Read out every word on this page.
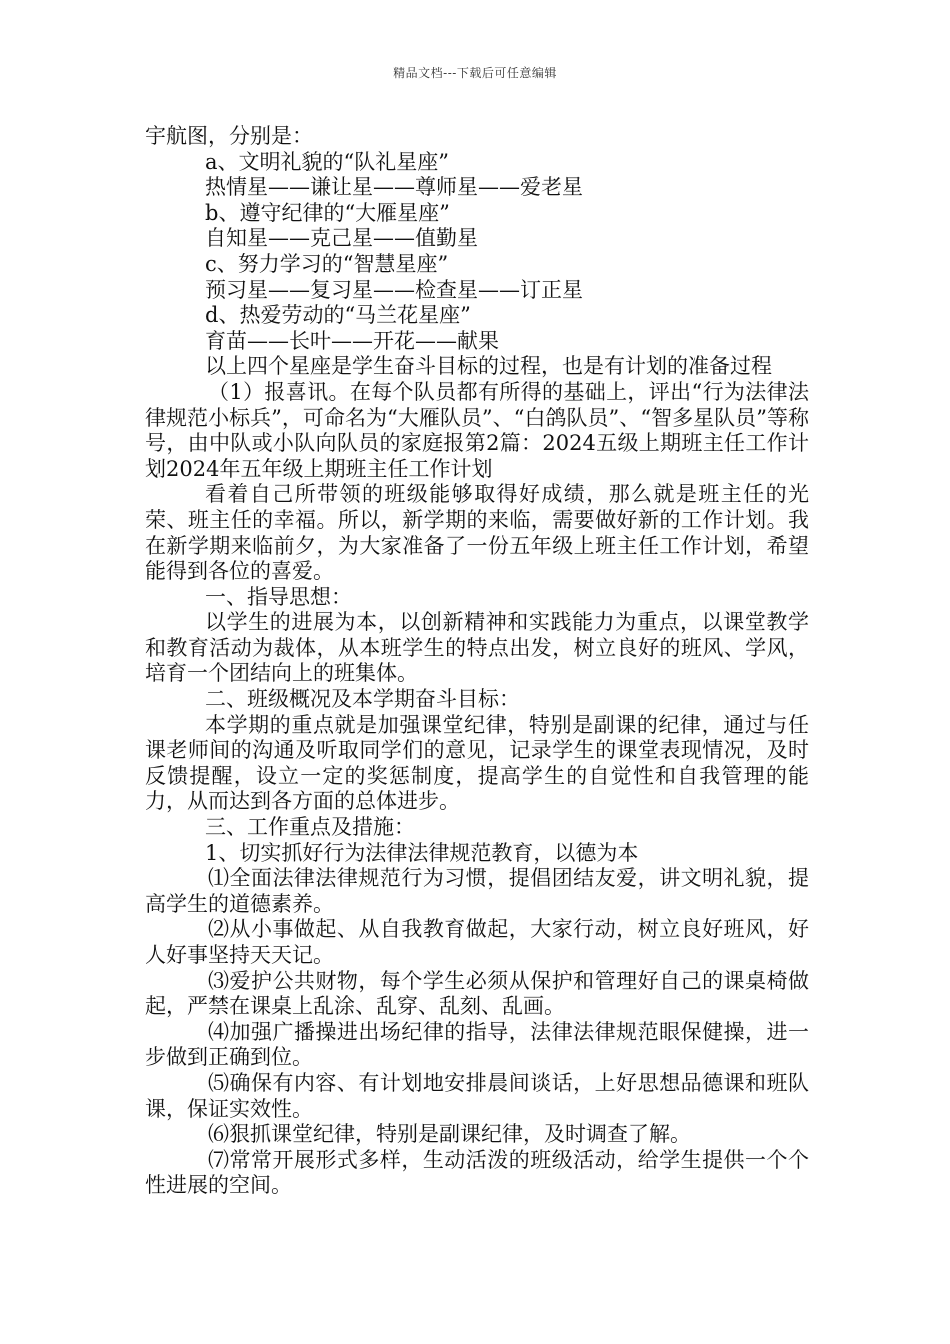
精品文档---下载后可任意编辑

宇航图，分别是：

a、文明礼貌的“队礼星座”

热情星——谦让星——尊师星——爱老星

b、遵守纪律的“大雁星座”

自知星——克己星——值勤星

c、努力学习的“智慧星座”

预习星——复习星——检查星——订正星

d、热爱劳动的“马兰花星座”

育苗——长叶——开花——献果

以上四个星座是学生奋斗目标的过程，也是有计划的准备过程

（1）报喜讯。在每个队员都有所得的基础上，评出“行为法律法律规范小标兵”，可命名为“大雁队员”、“白鸽队员”、“智多星队员”等称号，由中队或小队向队员的家庭报第2篇：2024五级上期班主任工作计划2024年五年级上期班主任工作计划

看着自己所带领的班级能够取得好成绩，那么就是班主任的光荣、班主任的幸福。所以，新学期的来临，需要做好新的工作计划。我在新学期来临前夕，为大家准备了一份五年级上班主任工作计划，希望能得到各位的喜爱。

一、指导思想：

以学生的进展为本，以创新精神和实践能力为重点，以课堂教学和教育活动为裁体，从本班学生的特点出发，树立良好的班风、学风，培育一个团结向上的班集体。

二、班级概况及本学期奋斗目标：

本学期的重点就是加强课堂纪律，特别是副课的纪律，通过与任课老师间的沟通及听取同学们的意见，记录学生的课堂表现情况，及时反馈提醒，设立一定的奖惩制度，提高学生的自觉性和自我管理的能力，从而达到各方面的总体进步。

三、工作重点及措施：

1、切实抓好行为法律法律规范教育，以德为本

⑴全面法律法律规范行为习惯，提倡团结友爱，讲文明礼貌，提高学生的道德素养。

⑵从小事做起、从自我教育做起，大家行动，树立良好班风，好人好事坚持天天记。

⑶爱护公共财物，每个学生必须从保护和管理好自己的课桌椅做起，严禁在课桌上乱涂、乱穿、乱刻、乱画。

⑷加强广播操进出场纪律的指导，法律法律规范眼保健操，进一步做到正确到位。

⑸确保有内容、有计划地安排晨间谈话，上好思想品德课和班队课，保证实效性。

⑹狠抓课堂纪律，特别是副课纪律，及时调查了解。

⑺常常开展形式多样，生动活泼的班级活动，给学生提供一个个性进展的空间。
